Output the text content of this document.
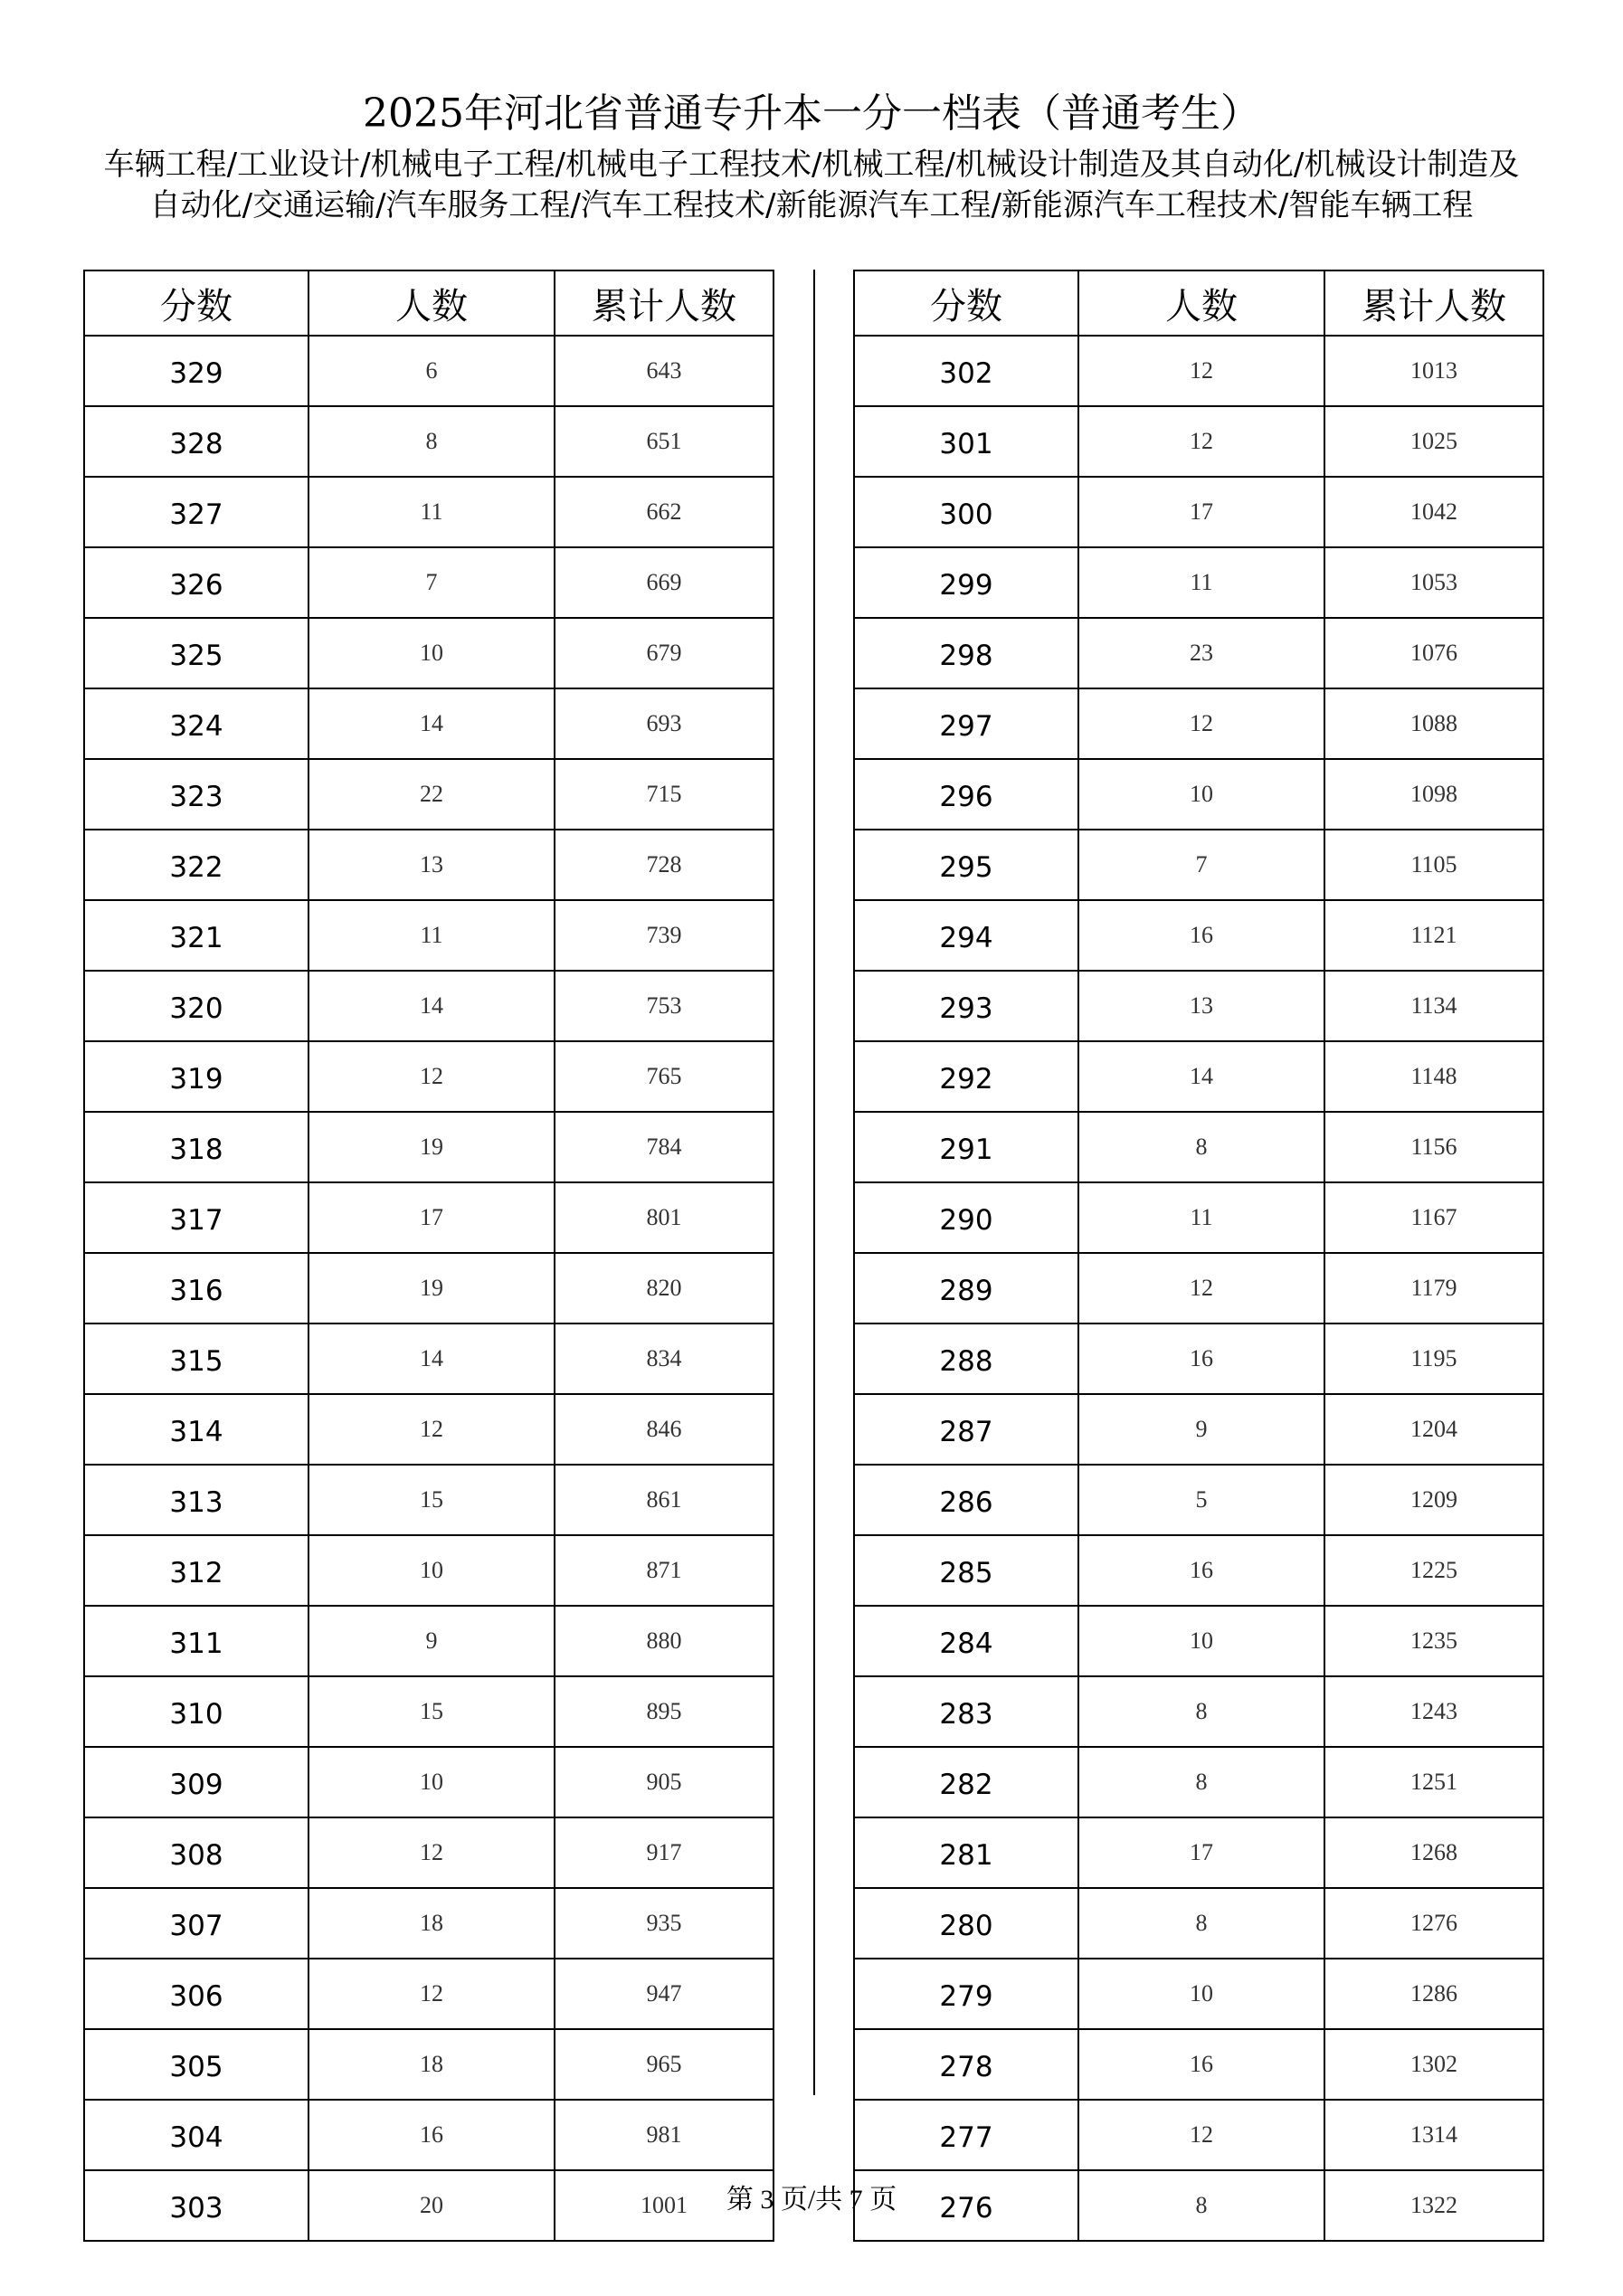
2025年河北省普通专升本一分一档表（普通考生）
车辆工程/工业设计/机械电子工程/机械电子工程技术/机械工程/机械设计制造及其自动化/机械设计制造及自动化/交通运输/汽车服务工程/汽车工程技术/新能源汽车工程/新能源汽车工程技术/智能车辆工程
分数	人数	累计人数
329	6	643
328	8	651
327	11	662
326	7	669
325	10	679
324	14	693
323	22	715
322	13	728
321	11	739
320	14	753
319	12	765
318	19	784
317	17	801
316	19	820
315	14	834
314	12	846
313	15	861
312	10	871
311	9	880
310	15	895
309	10	905
308	12	917
307	18	935
306	12	947
305	18	965
304	16	981
303	20	1001
分数	人数	累计人数
302	12	1013
301	12	1025
300	17	1042
299	11	1053
298	23	1076
297	12	1088
296	10	1098
295	7	1105
294	16	1121
293	13	1134
292	14	1148
291	8	1156
290	11	1167
289	12	1179
288	16	1195
287	9	1204
286	5	1209
285	16	1225
284	10	1235
283	8	1243
282	8	1251
281	17	1268
280	8	1276
279	10	1286
278	16	1302
277	12	1314
276	8	1322
第 3 页/共 7 页
